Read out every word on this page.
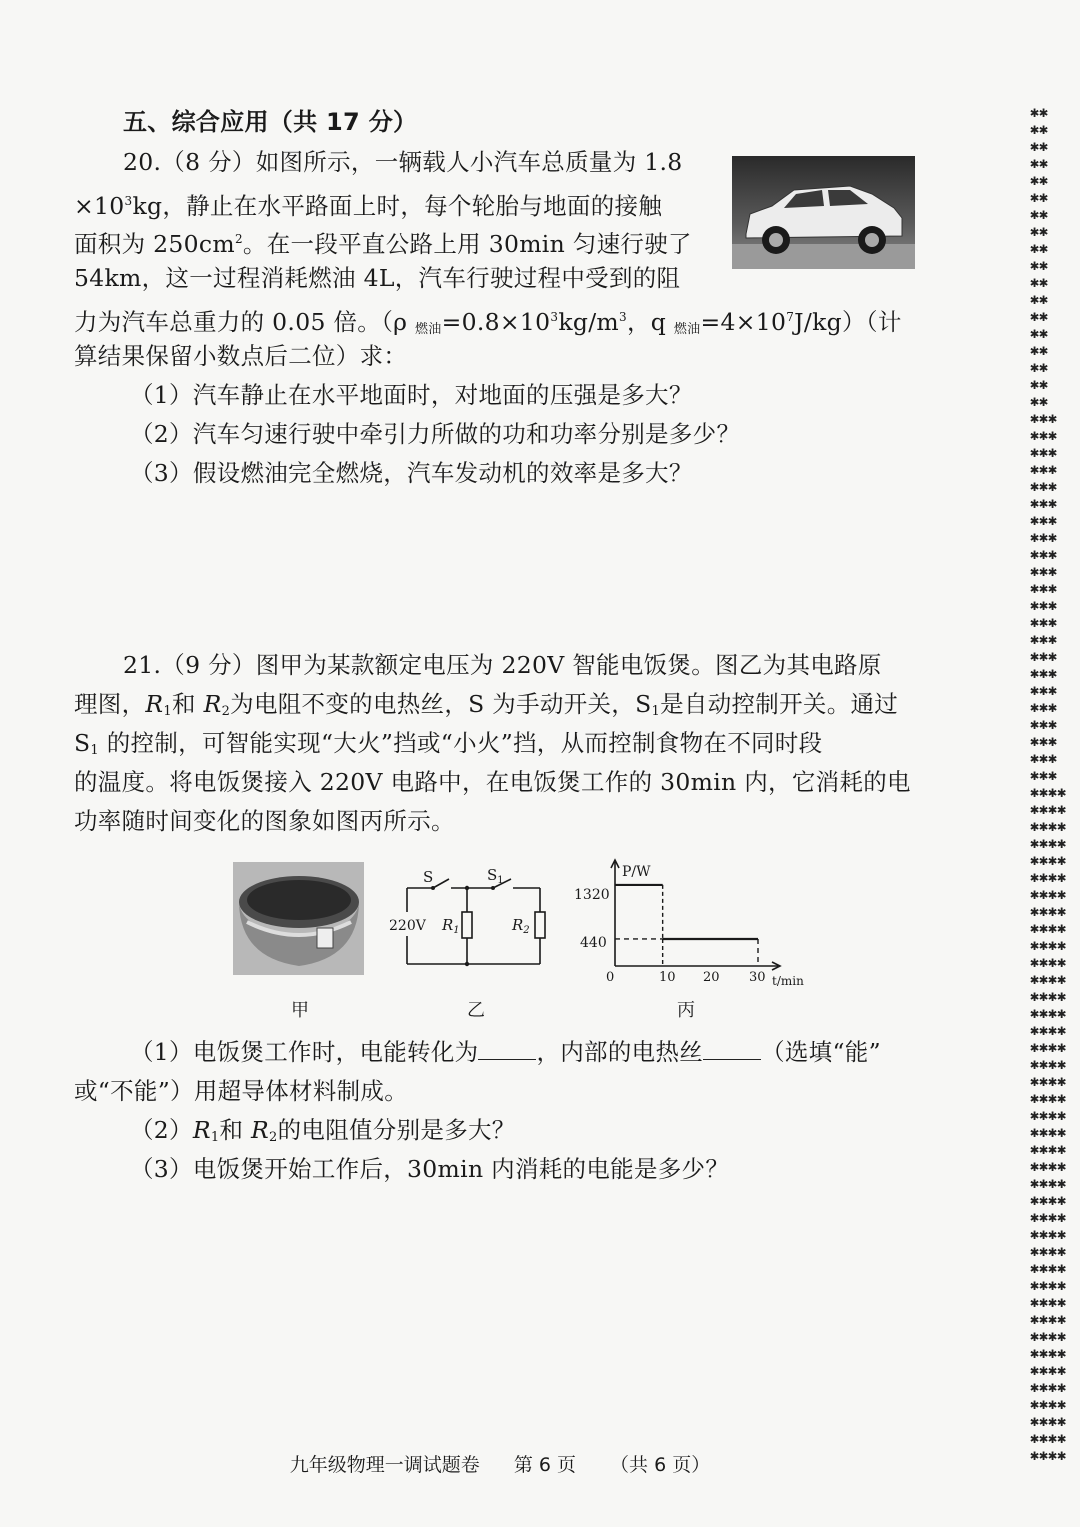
五、综合应用（共 17 分）
20.（8 分）如图所示，一辆载人小汽车总质量为 1.8
$\times 10^3kg$，静止在水平路面上时，每个轮胎与地面的接触
面积为 $250cm^2$。在一段平直公路上用 30min 匀速行驶了
54km，这一过程消耗燃油 4L，汽车行驶过程中受到的阻
力为汽车总重力的 0.05 倍。（ρ $_{燃油}=0.8\times 10^3kg/m^3$，q $_{燃油}=4\times 10^7J/kg$）（计
算结果保留小数点后二位）求：
（1）汽车静止在水平地面时，对地面的压强是多大？
（2）汽车匀速行驶中牵引力所做的功和功率分别是多少？
（3）假设燃油完全燃烧，汽车发动机的效率是多大？
21.（9 分）图甲为某款额定电压为 220V 智能电饭煲。图乙为其电路原
理图，$R_1$和 $R_2$为电阻不变的电热丝，S 为手动开关，$S_1$是自动控制开关。通过
$S_1$ 的控制，可智能实现“大火”挡或“小火”挡，从而控制食物在不同时段
的温度。将电饭煲接入 220V 电路中，在电饭煲工作的 30min 内，它消耗的电
功率随时间变化的图象如图丙所示。
（1）电饭煲工作时，电能转化为 ，内部的电热丝 （选填“能”
或“不能”）用超导体材料制成。
$(2)R_1$和 $R_2$的电阻值分别是多大？
（3）电饭煲开始工作后，30min 内消耗的电能是多少？
甲
S	$S_1$
220V $R_1$	$R_2$
乙
P/W
t/min
1320
440
0	10 20 30
丙
✱✱
✱✱
✱✱
✱✱
✱✱
✱✱
✱✱
✱✱
✱✱
✱✱
✱✱
✱✱
✱✱
✱✱
✱✱
✱✱
✱✱
✱✱
✱✱✱
✱✱✱
✱✱✱
✱✱✱
✱✱✱
✱✱✱
✱✱✱
✱✱✱
✱✱✱
✱✱✱
✱✱✱
✱✱✱
✱✱✱
✱✱✱
✱✱✱
✱✱✱
✱✱✱
✱✱✱
✱✱✱
✱✱✱
✱✱✱
✱✱✱
✱✱✱✱
✱✱✱✱
✱✱✱✱
✱✱✱✱
✱✱✱✱
✱✱✱✱
✱✱✱✱
✱✱✱✱
✱✱✱✱
✱✱✱✱
✱✱✱✱
✱✱✱✱
✱✱✱✱
✱✱✱✱
✱✱✱✱
✱✱✱✱
✱✱✱✱
✱✱✱✱
✱✱✱✱
✱✱✱✱
✱✱✱✱
✱✱✱✱
✱✱✱✱
✱✱✱✱
✱✱✱✱
✱✱✱✱
✱✱✱✱
✱✱✱✱
✱✱✱✱
✱✱✱✱
✱✱✱✱
✱✱✱✱
✱✱✱✱
✱✱✱✱
✱✱✱✱
✱✱✱✱
✱✱✱✱
✱✱✱✱
✱✱✱✱
✱✱✱✱
九年级物理一调试题卷 第 6 页 （共 6 页）
